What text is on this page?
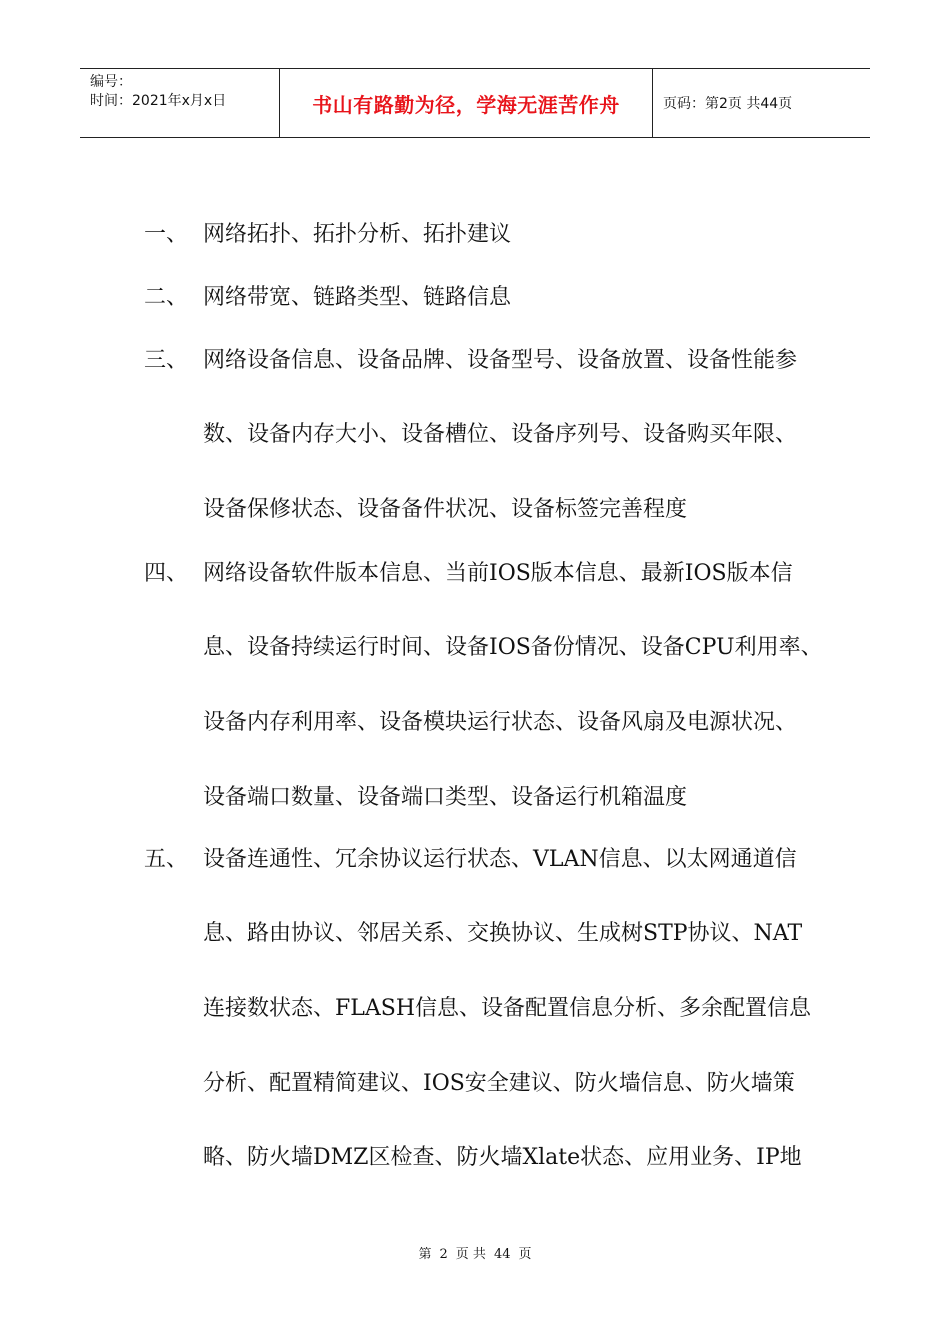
编号：
时间：2021年x月x日	书山有路勤为径，学海无涯苦作舟	页码：第2页 共44页
一、 网络拓扑、拓扑分析、拓扑建议
二、 网络带宽、链路类型、链路信息
三、 网络设备信息、设备品牌、设备型号、设备放置、设备性能参
数、设备内存大小、设备槽位、设备序列号、设备购买年限、
设备保修状态、设备备件状况、设备标签完善程度
四、 网络设备软件版本信息、当前IOS版本信息、最新IOS版本信
息、设备持续运行时间、设备IOS备份情况、设备CPU利用率、
设备内存利用率、设备模块运行状态、设备风扇及电源状况、
设备端口数量、设备端口类型、设备运行机箱温度
五、 设备连通性、冗余协议运行状态、VLAN信息、以太网通道信
息、路由协议、邻居关系、交换协议、生成树STP协议、NAT
连接数状态、FLASH信息、设备配置信息分析、多余配置信息
分析、配置精简建议、IOS安全建议、防火墙信息、防火墙策
略、防火墙DMZ区检查、防火墙Xlate状态、应用业务、IP地
第 2 页 共 44 页
